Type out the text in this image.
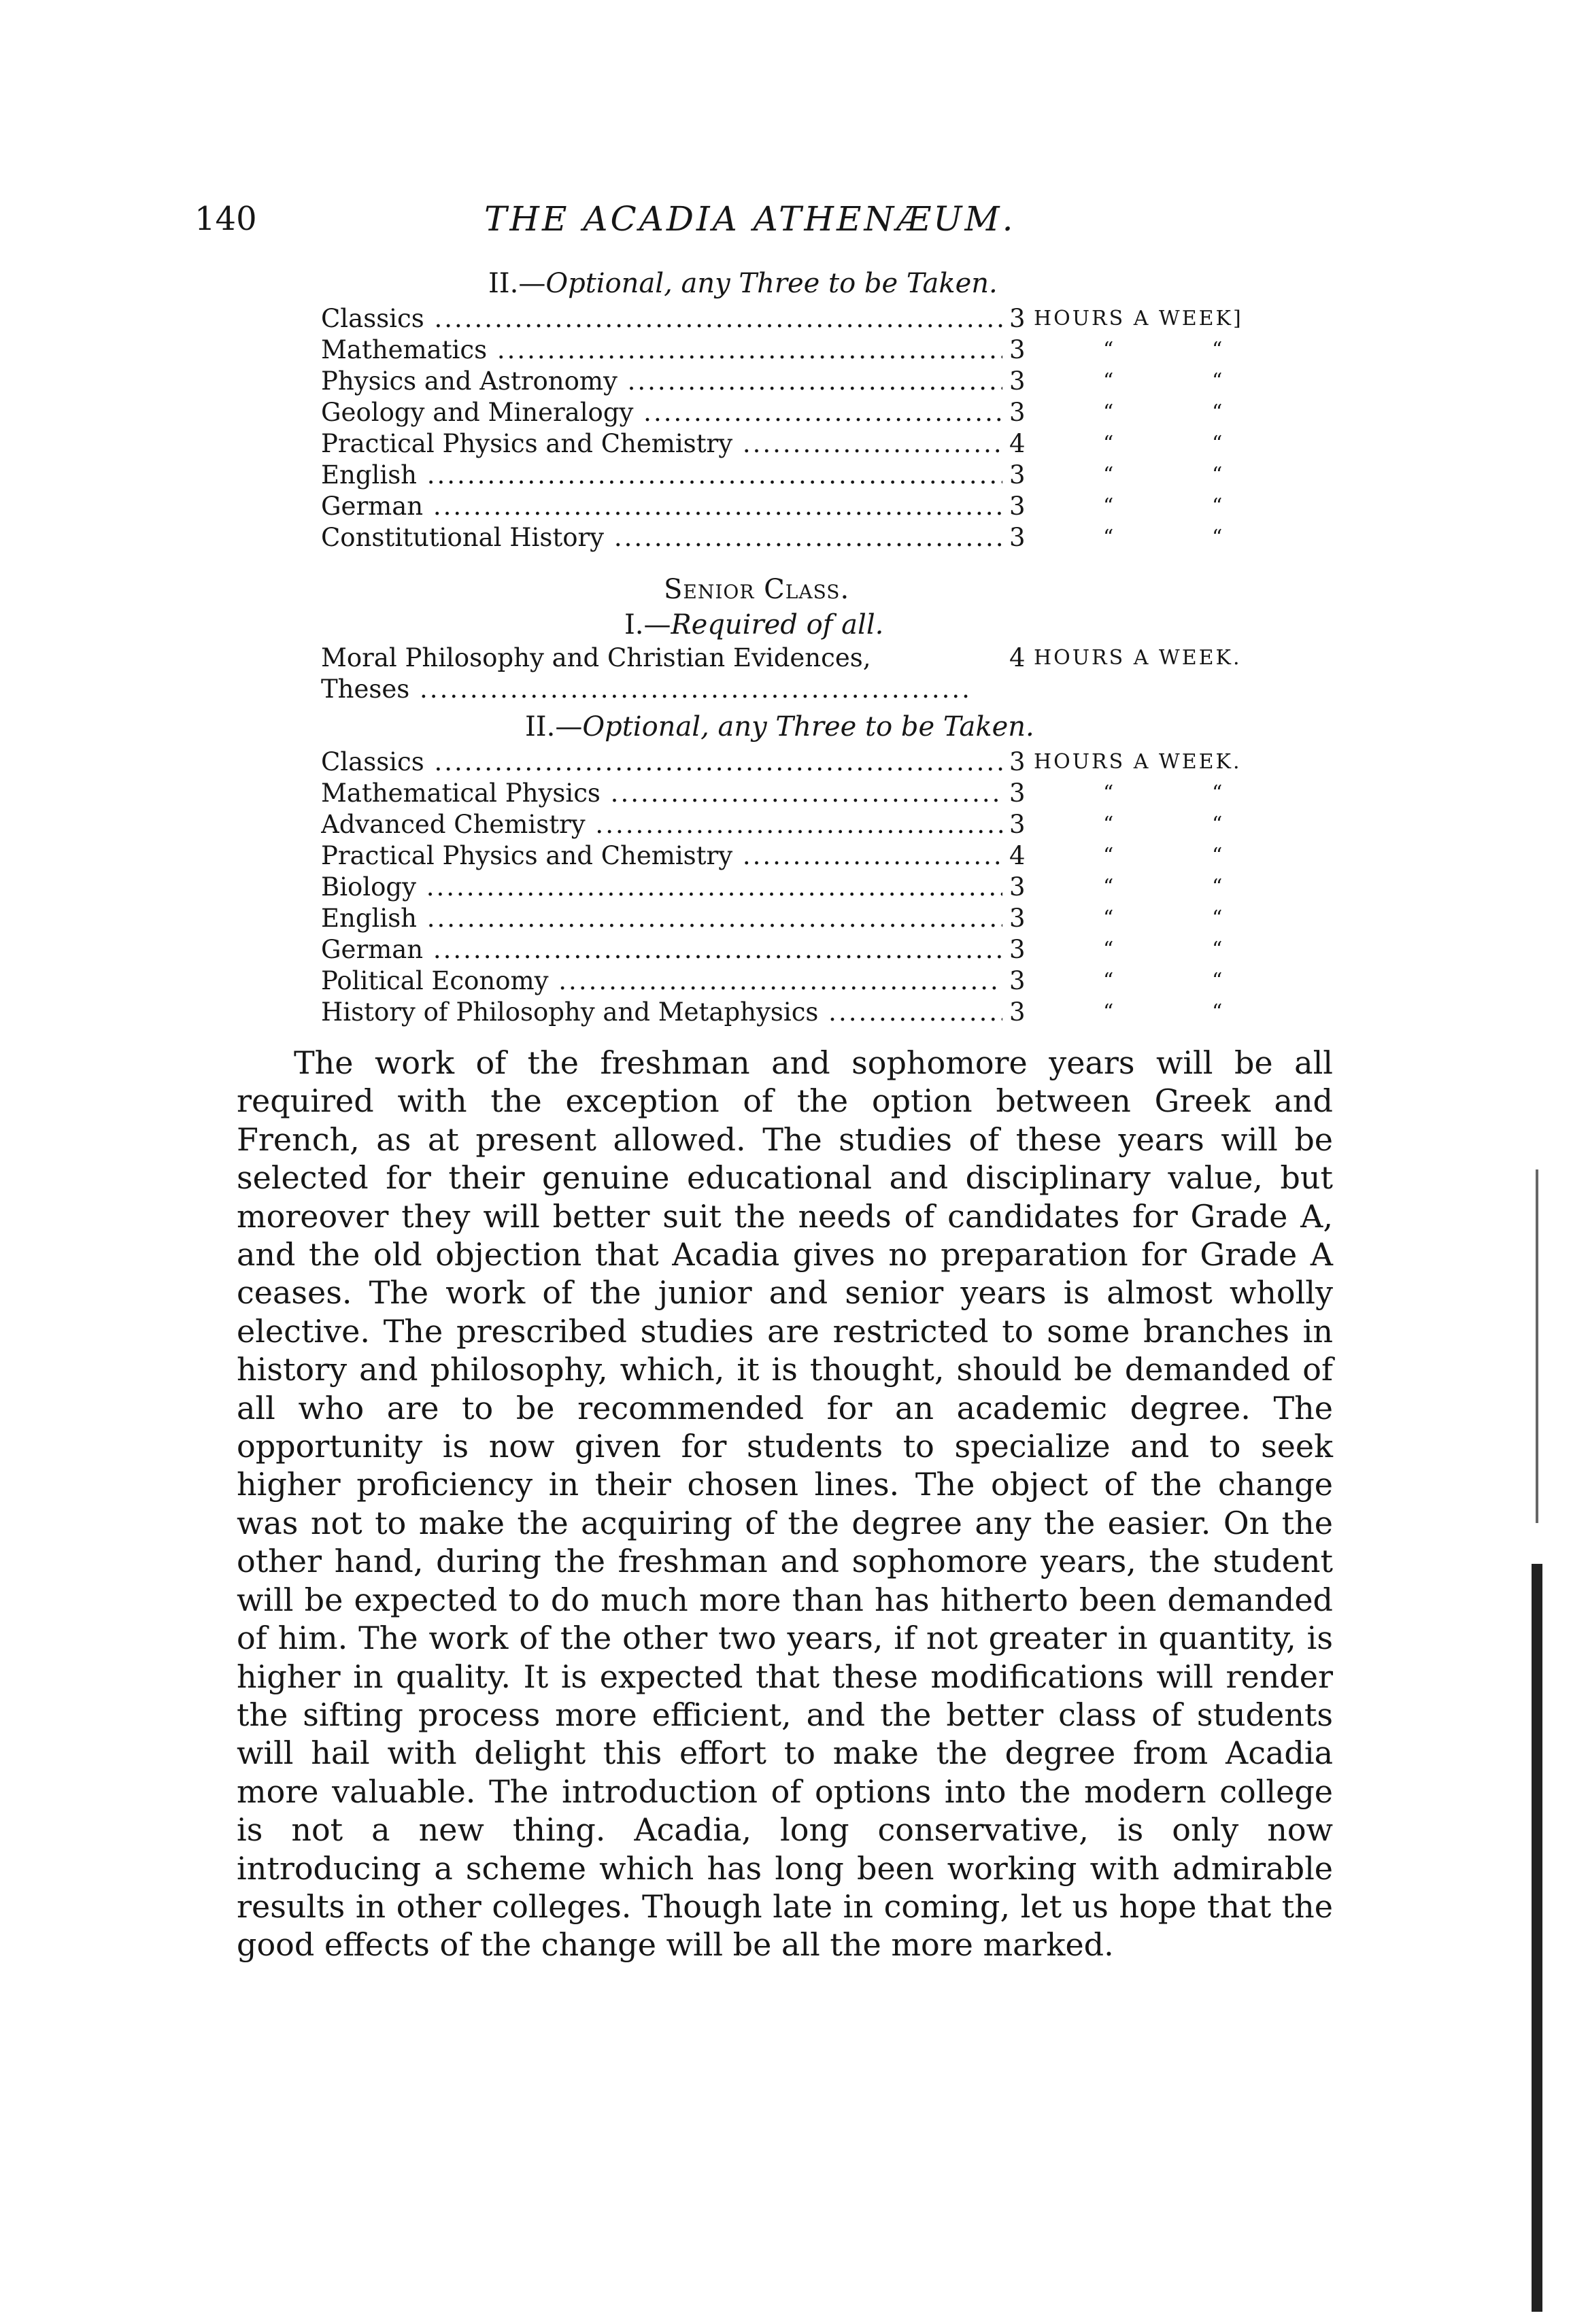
140	THE ACADIA ATHENÆUM.
II.—Optional, any Three to be Taken.
Classics .....	3 HOURS A WEEK]
Mathematics .....	3	“	“
Physics and Astronomy .....	3	“	“
Geology and Mineralogy .....	3	“	“
Practical Physics and Chemistry .....	4	“	“
English .....	3	“	“
German .....	3	“	“
Constitutional History .....	3	“	“
Senior Class.
I.—Required of all.
Moral Philosophy and Christian Evidences,	4 HOURS A WEEK.
Theses .....
II.—Optional, any Three to be Taken.
Classics .....	3 HOURS A WEEK.
Mathematical Physics .....	3	“	“
Advanced Chemistry .....	3	“	“
Practical Physics and Chemistry .....	4	“	“
Biology .....	3	“	“
English .....	3	“	“
German .....	3	“	“
Political Economy .....	3	“	“
History of Philosophy and Metaphysics .....	3	“	“

The work of the freshman and sophomore years will be all required with the exception of the option between Greek and French, as at present allowed. The studies of these years will be selected for their genuine educational and disciplinary value, but moreover they will better suit the needs of candidates for Grade A, and the old objection that Acadia gives no preparation for Grade A ceases. The work of the junior and senior years is almost wholly elective. The prescribed studies are restricted to some branches in history and philosophy, which, it is thought, should be demanded of all who are to be recommended for an academic degree. The opportunity is now given for students to specialize and to seek higher proficiency in their chosen lines. The object of the change was not to make the acquiring of the degree any the easier. On the other hand, during the freshman and sophomore years, the student will be expected to do much more than has hitherto been demanded of him. The work of the other two years, if not greater in quantity, is higher in quality. It is expected that these modifications will render the sifting process more efficient, and the better class of students will hail with delight this effort to make the degree from Acadia more valuable. The introduction of options into the modern college is not a new thing. Acadia, long conservative, is only now introducing a scheme which has long been working with admirable results in other colleges. Though late in coming, let us hope that the good effects of the change will be all the more marked.
